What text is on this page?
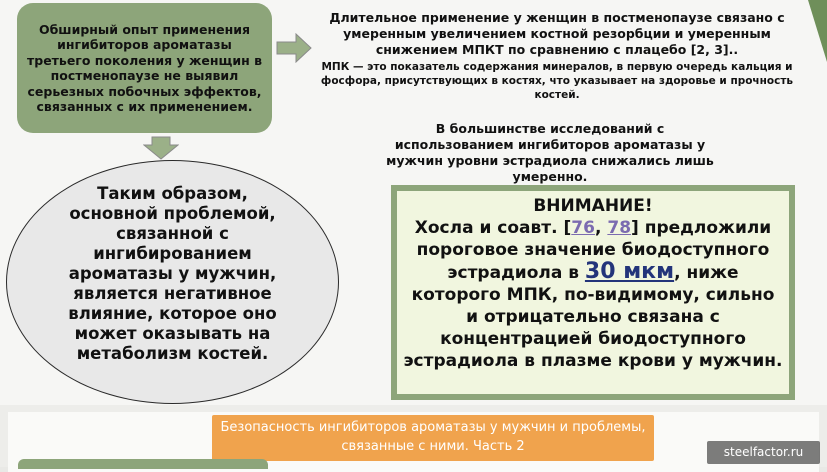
Обширный опыт применения ингибиторов ароматазы третьего поколения у женщин в постменопаузе не выявил серьезных побочных эффектов, связанных с их применением.
Длительное применение у женщин в постменопаузе связано с умеренным увеличением костной резорбции и умеренным снижением МПКТ по сравнению с плацебо [2, 3]..
МПК — это показатель содержания минералов, в первую очередь кальция и фосфора, присутствующих в костях, что указывает на здоровье и прочность костей.
В большинстве исследований с использованием ингибиторов ароматазы у мужчин уровни эстрадиола снижались лишь умеренно.
Таким образом, основной проблемой, связанной с ингибированием ароматазы у мужчин, является негативное влияние, которое оно может оказывать на метаболизм костей.
ВНИМАНИЕ!
Хосла и соавт. [76, 78] предложили пороговое значение биодоступного эстрадиола в 30 мкм, ниже которого МПК, по-видимому, сильно и отрицательно связана с концентрацией биодоступного эстрадиола в плазме крови у мужчин.
Безопасность ингибиторов ароматазы у мужчин и проблемы, связанные с ними. Часть 2	steelfactor.ru
